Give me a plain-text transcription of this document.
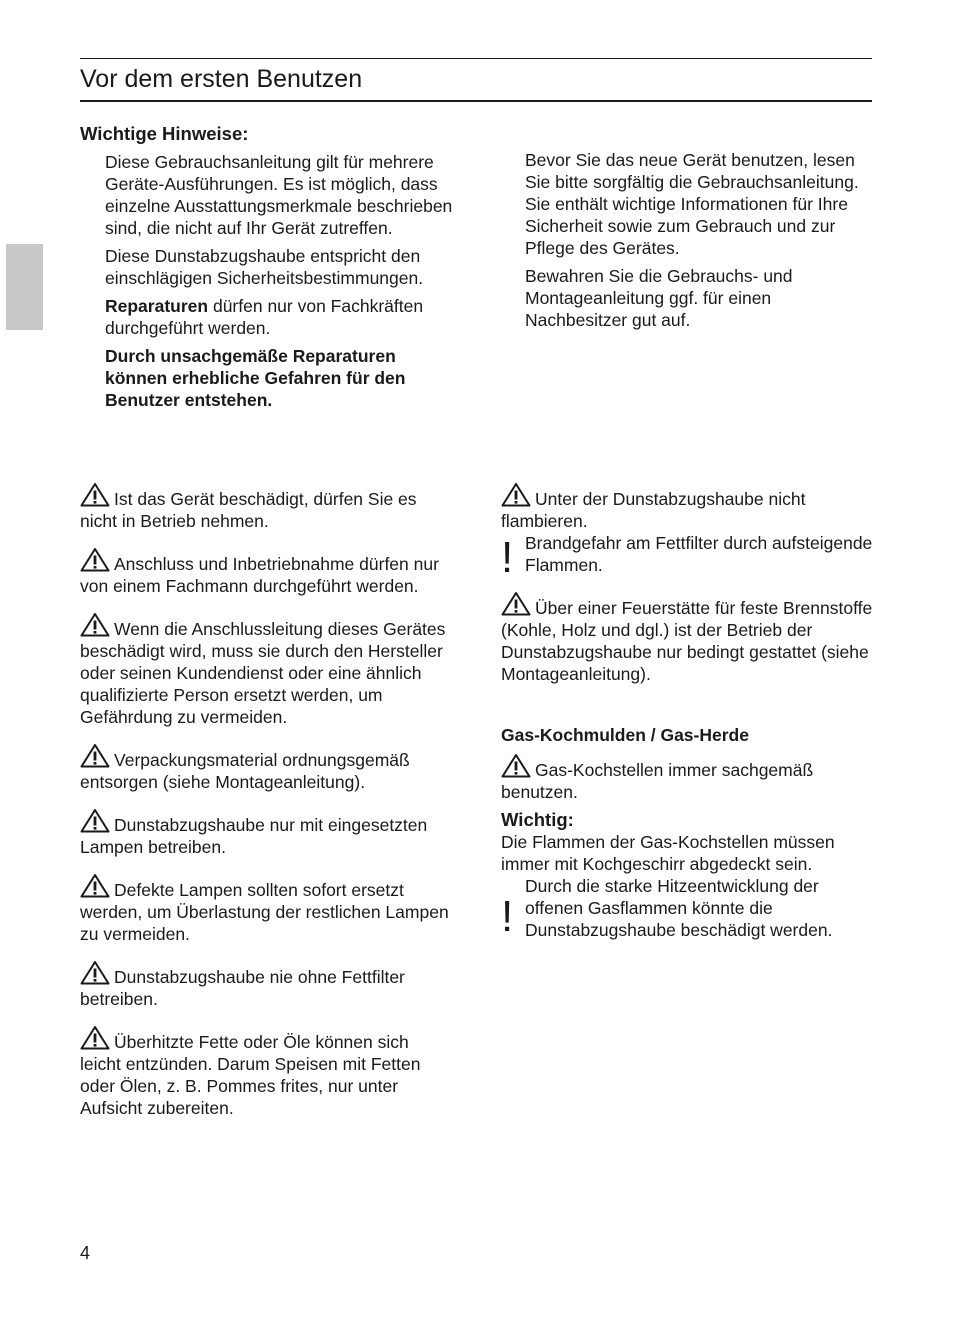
Vor dem ersten Benutzen
Wichtige Hinweise:

Diese Gebrauchsanleitung gilt für mehrere Geräte-Ausführungen. Es ist möglich, dass einzelne Ausstattungsmerkmale beschrieben sind, die nicht auf Ihr Gerät zutreffen.

Diese Dunstabzugshaube entspricht den einschlägigen Sicherheitsbestimmungen.

Reparaturen dürfen nur von Fachkräften durchgeführt werden.

Durch unsachgemäße Reparaturen können erhebliche Gefahren für den Benutzer entstehen.

Bevor Sie das neue Gerät benutzen, lesen Sie bitte sorgfältig die Gebrauchsanleitung. Sie enthält wichtige Informationen für Ihre Sicherheit sowie zum Gebrauch und zur Pflege des Gerätes.

Bewahren Sie die Gebrauchs- und Montageanleitung ggf. für einen Nachbesitzer gut auf.

Ist das Gerät beschädigt, dürfen Sie es nicht in Betrieb nehmen.

Anschluss und Inbetriebnahme dürfen nur von einem Fachmann durchgeführt werden.

Wenn die Anschlussleitung dieses Gerätes beschädigt wird, muss sie durch den Hersteller oder seinen Kundendienst oder eine ähnlich qualifizierte Person ersetzt werden, um Gefährdung zu vermeiden.

Verpackungsmaterial ordnungsgemäß entsorgen (siehe Montageanleitung).

Dunstabzugshaube nur mit eingesetzten Lampen betreiben.

Defekte Lampen sollten sofort ersetzt werden, um Überlastung der restlichen Lampen zu vermeiden.

Dunstabzugshaube nie ohne Fettfilter betreiben.

Überhitzte Fette oder Öle können sich leicht entzünden. Darum Speisen mit Fetten oder Ölen, z. B. Pommes frites, nur unter Aufsicht zubereiten.

Unter der Dunstabzugshaube nicht flambieren.

! Brandgefahr am Fettfilter durch aufsteigende Flammen.

Über einer Feuerstätte für feste Brennstoffe (Kohle, Holz und dgl.) ist der Betrieb der Dunstabzugshaube nur bedingt gestattet (siehe Montageanleitung).

Gas-Kochmulden / Gas-Herde

Gas-Kochstellen immer sachgemäß benutzen.

Wichtig:

Die Flammen der Gas-Kochstellen müssen immer mit Kochgeschirr abgedeckt sein.

!

Durch die starke Hitzeentwicklung der offenen Gasflammen könnte die Dunstabzugshaube beschädigt werden.

4
